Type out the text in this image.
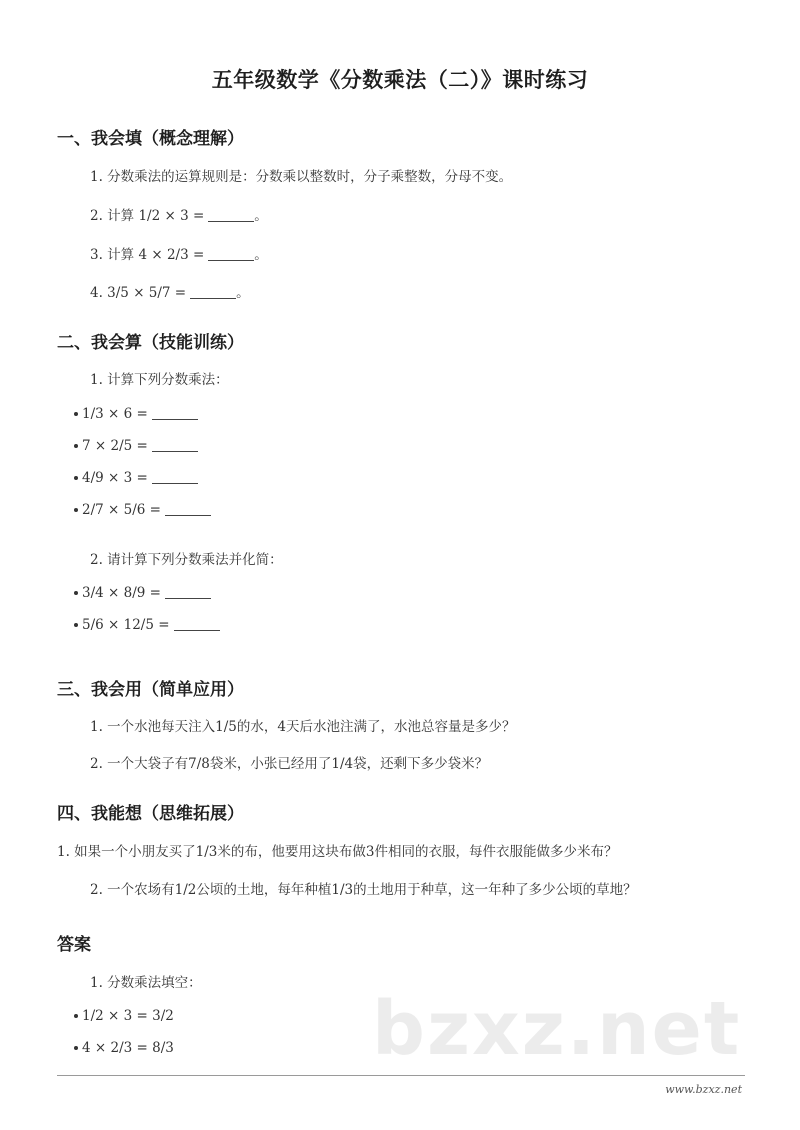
bzxz.net
五年级数学《分数乘法（二）》课时练习
一、我会填（概念理解）
1. 分数乘法的运算规则是：分数乘以整数时，分子乘整数，分母不变。
2. 计算 1/2 × 3 =	。
3. 计算 4 × 2/3 =	。
4. 3/5 × 5/7 =	。
二、我会算（技能训练）
1. 计算下列分数乘法：
1/3 × 6 =
7 × 2/5 =
4/9 × 3 =
2/7 × 5/6 =
2. 请计算下列分数乘法并化简：
3/4 × 8/9 =
5/6 × 12/5 =
三、我会用（简单应用）
1. 一个水池每天注入1/5的水，4天后水池注满了，水池总容量是多少？
2. 一个大袋子有7/8袋米，小张已经用了1/4袋，还剩下多少袋米？
四、我能想（思维拓展）
1. 如果一个小朋友买了1/3米的布，他要用这块布做3件相同的衣服，每件衣服能做多少米布？
2. 一个农场有1/2公顷的土地，每年种植1/3的土地用于种草，这一年种了多少公顷的草地？
答案
1. 分数乘法填空：
1/2 × 3 = 3/2
4 × 2/3 = 8/3
www.bzxz.net
